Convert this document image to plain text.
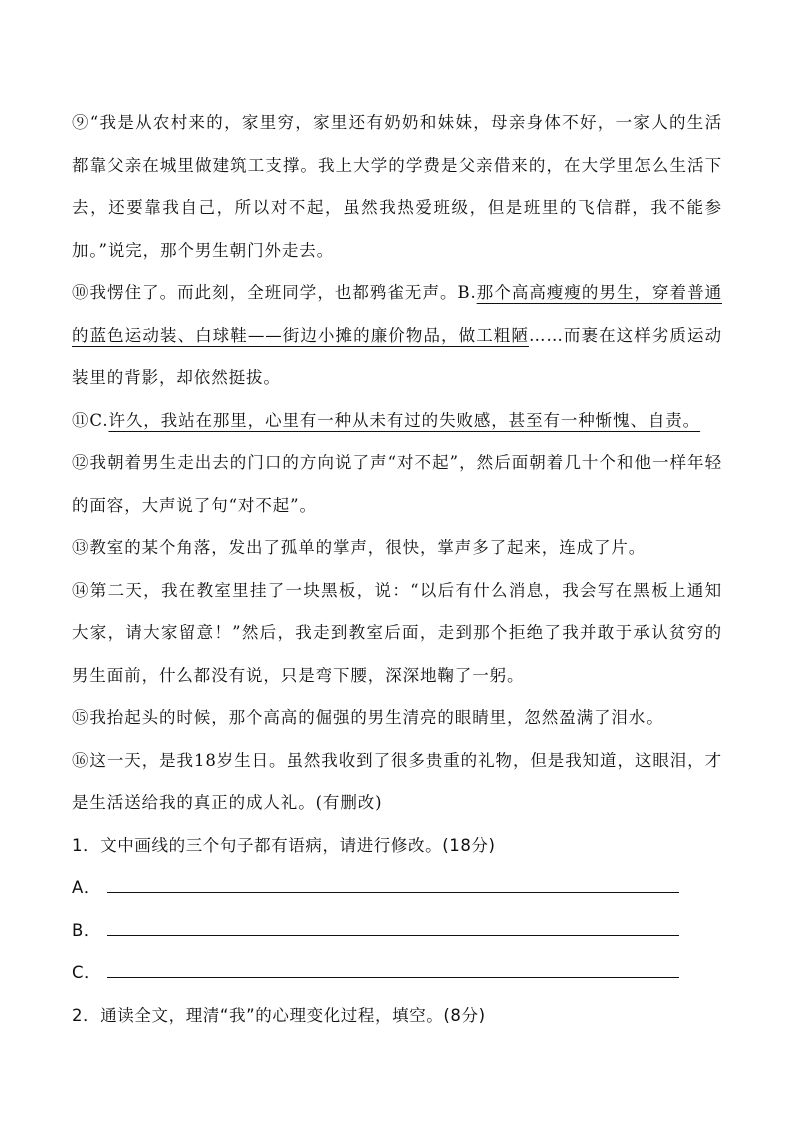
⑨“我是从农村来的，家里穷，家里还有奶奶和妹妹，母亲身体不好，一家人的生活都靠父亲在城里做建筑工支撑。我上大学的学费是父亲借来的，在大学里怎么生活下去，还要靠我自己，所以对不起，虽然我热爱班级，但是班里的飞信群，我不能参加。”说完，那个男生朝门外走去。

⑩我愣住了。而此刻，全班同学，也都鸦雀无声。B.那个高高瘦瘦的男生，穿着普通的蓝色运动装、白球鞋——街边小摊的廉价物品，做工粗陋……而裹在这样劣质运动装里的背影，却依然挺拔。

⑪C.许久，我站在那里，心里有一种从未有过的失败感，甚至有一种惭愧、自责。

⑫我朝着男生走出去的门口的方向说了声“对不起”，然后面朝着几十个和他一样年轻的面容，大声说了句“对不起”。

⑬教室的某个角落，发出了孤单的掌声，很快，掌声多了起来，连成了片。

⑭第二天，我在教室里挂了一块黑板，说：“以后有什么消息，我会写在黑板上通知大家，请大家留意！”然后，我走到教室后面，走到那个拒绝了我并敢于承认贫穷的男生面前，什么都没有说，只是弯下腰，深深地鞠了一躬。

⑮我抬起头的时候，那个高高的倔强的男生清亮的眼睛里，忽然盈满了泪水。

⑯这一天，是我18岁生日。虽然我收到了很多贵重的礼物，但是我知道，这眼泪，才是生活送给我的真正的成人礼。(有删改)

1．文中画线的三个句子都有语病，请进行修改。(18分)

A．

B．

C．

2．通读全文，理清“我”的心理变化过程，填空。(8分)
